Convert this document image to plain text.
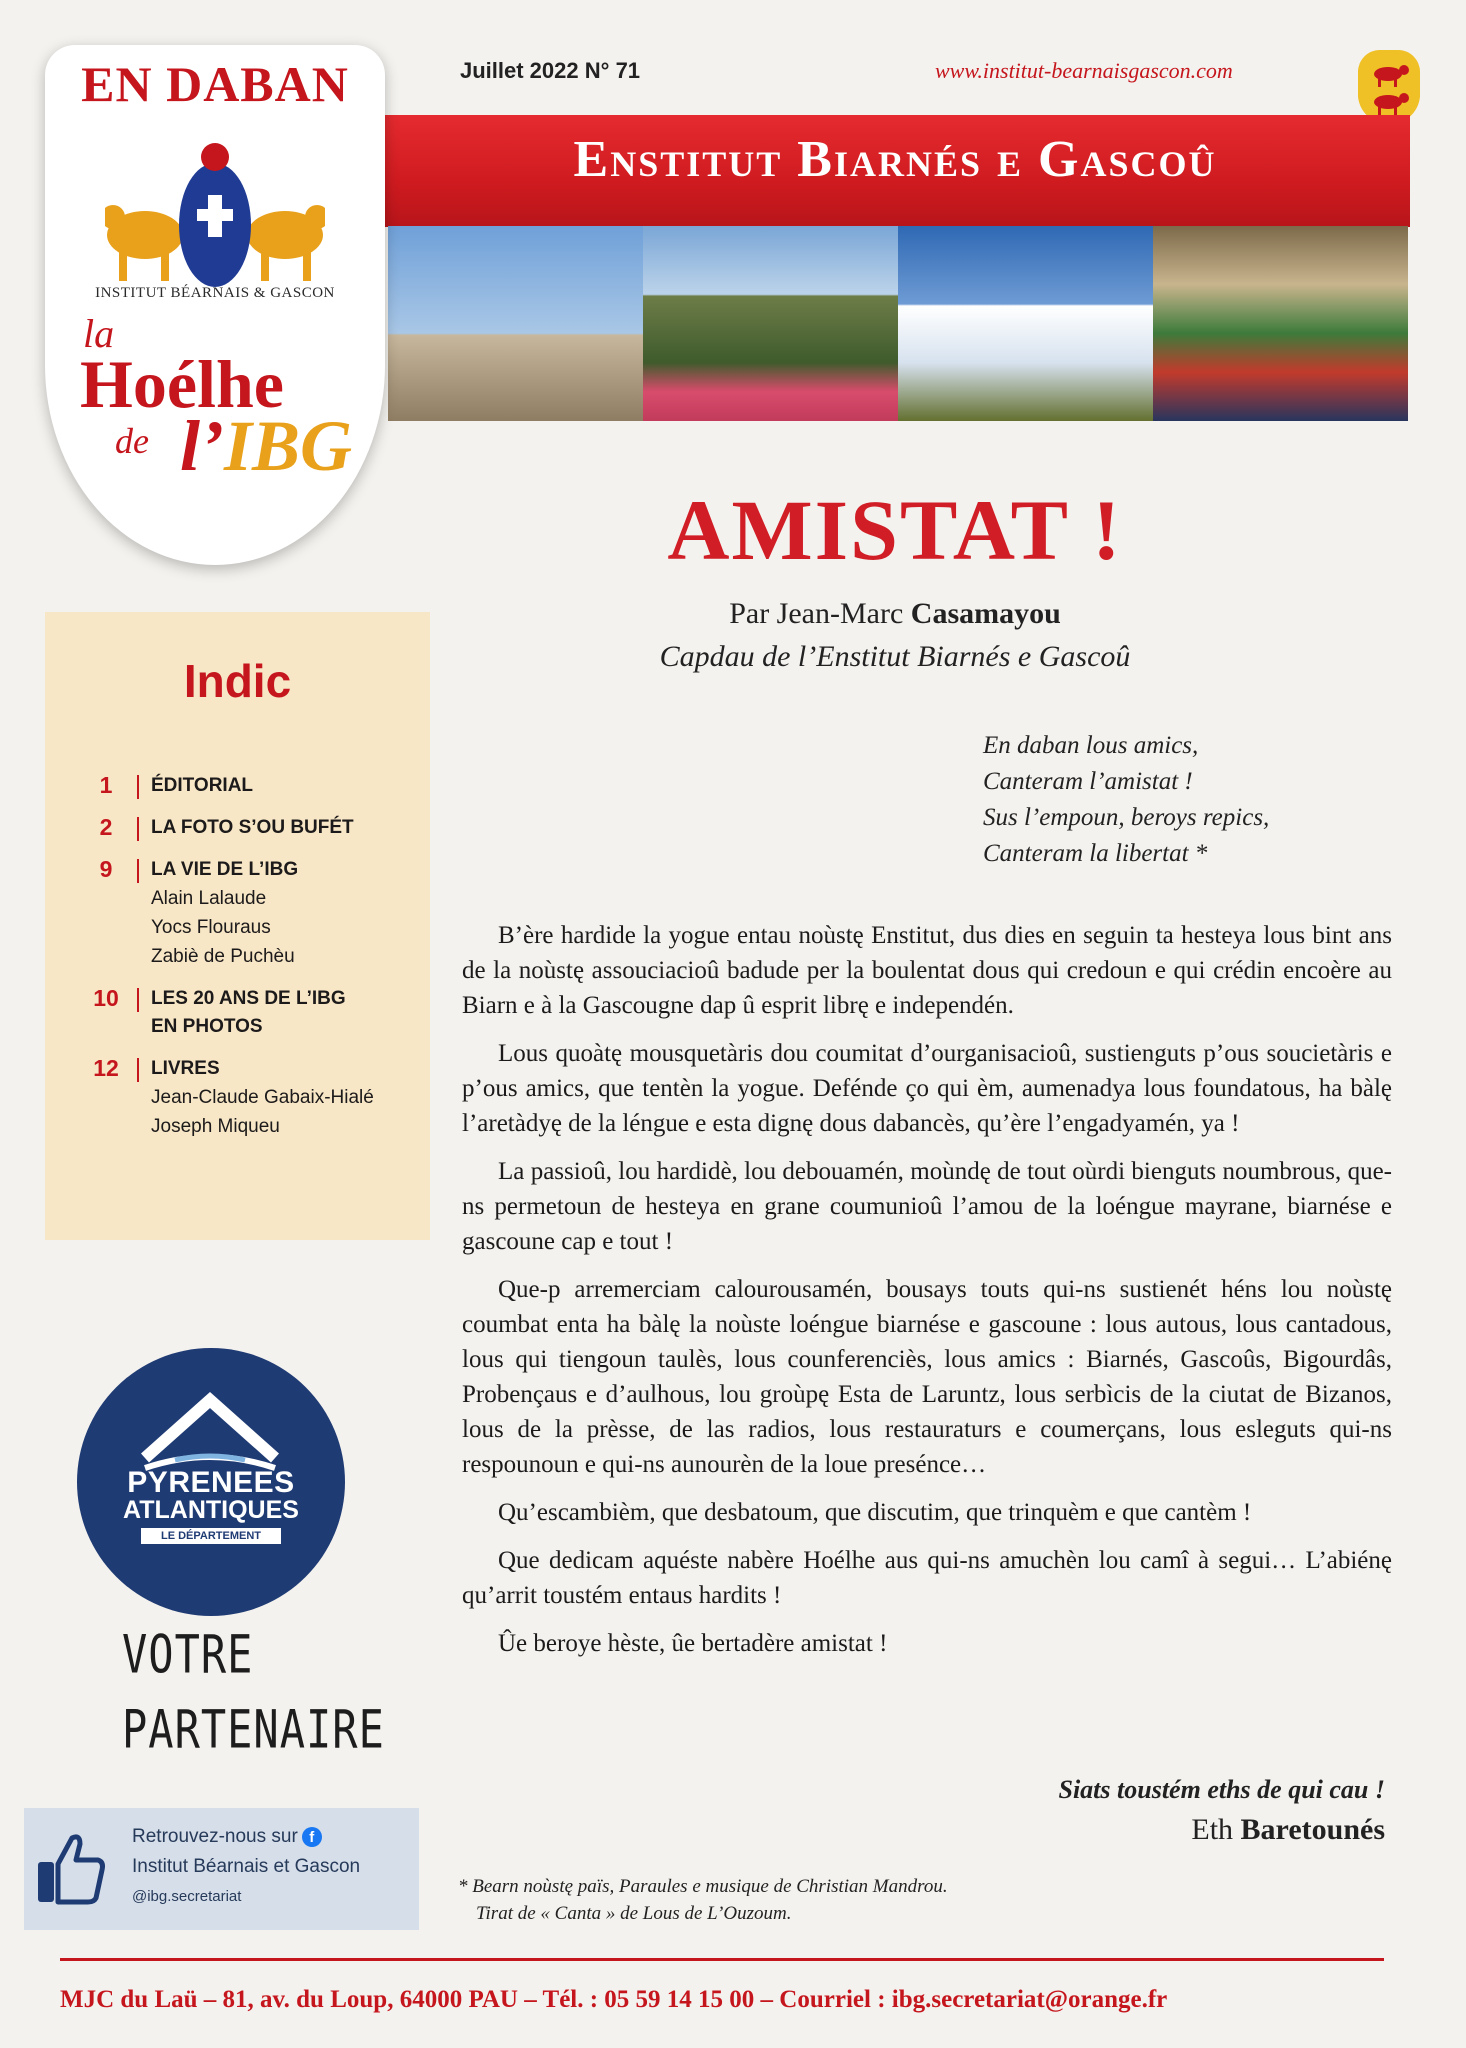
EN DABAN
INSTITUT BÉARNAIS & GASCON
la
Hoélhe
de l’IBG
Juillet 2022 N° 71	www.institut-bearnaisgascon.com
Enstitut Biarnés e Gascoû
AMISTAT !
Par Jean-Marc Casamayou
Capdau de l’Enstitut Biarnés e Gascoû
En daban lous amics,
Canteram l’amistat !
Sus l’empoun, beroys repics,
Canteram la libertat *

B’ère hardide la yogue entau noùstę Enstitut, dus dies en seguin ta hesteya lous bint ans de la noùstę assouciacioû badude per la boulentat dous qui credoun e qui crédin encoère au Biarn e à la Gascougne dap û esprit librę e independén.

Lous quoàtę mousquetàris dou coumitat d’ourganisacioû, sustienguts p’ous soucietàris e p’ous amics, que tentèn la yogue. Defénde ço qui èm, aumenadya lous foundatous, ha bàlę l’aretàdyę de la léngue e esta dignę dous dabancès, qu’ère l’engadyamén, ya !

La passioû, lou hardidè, lou debouamén, moùndę de tout oùrdi bienguts noumbrous, que-ns permetoun de hesteya en grane coumunioû l’amou de la loéngue mayrane, biarnése e gascoune cap e tout !

Que-p arremerciam calourousamén, bousays touts qui-ns sustienét héns lou noùstę coumbat enta ha bàlę la noùste loéngue biarnése e gascoune : lous autous, lous cantadous, lous qui tiengoun taulès, lous counferenciès, lous amics : Biarnés, Gascoûs, Bigourdâs, Probençaus e d’aulhous, lou groùpę Esta de Laruntz, lous serbìcis de la ciutat de Bizanos, lous de la prèsse, de las radios, lous restauraturs e coumerçans, lous esleguts qui-ns respounoun e qui-ns aunourèn de la loue presénce…

Qu’escambièm, que desbatoum, que discutim, que trinquèm e que cantèm !

Que dedicam aquéste nabère Hoélhe aus qui-ns amuchèn lou camî à segui… L’abiénę qu’arrit toustém entaus hardits !

Ûe beroye hèste, ûe bertadère amistat !

Siats toustém eths de qui cau !
Eth Baretounés
* Bearn noùstę païs, Paraules e musique de Christian Mandrou.
Tirat de « Canta » de Lous de L’Ouzoum.
Indic
1	ÉDITORIAL
2	LA FOTO S’OU BUFÉT
9	LA VIE DE L’IBG
Alain Lalaude
Yocs Flouraus
Zabiè de Puchèu
10	LES 20 ANS DE L’IBG EN PHOTOS
12	LIVRES
Jean-Claude Gabaix-Hialé
Joseph Miqueu
PYRENEES
ATLANTIQUES
LE DÉPARTEMENT
VOTRE
PARTENAIRE
Retrouvez-nous sur f
Institut Béarnais et Gascon
@ibg.secretariat
MJC du Laü – 81, av. du Loup, 64000 PAU – Tél. : 05 59 14 15 00 – Courriel : ibg.secretariat@orange.fr
